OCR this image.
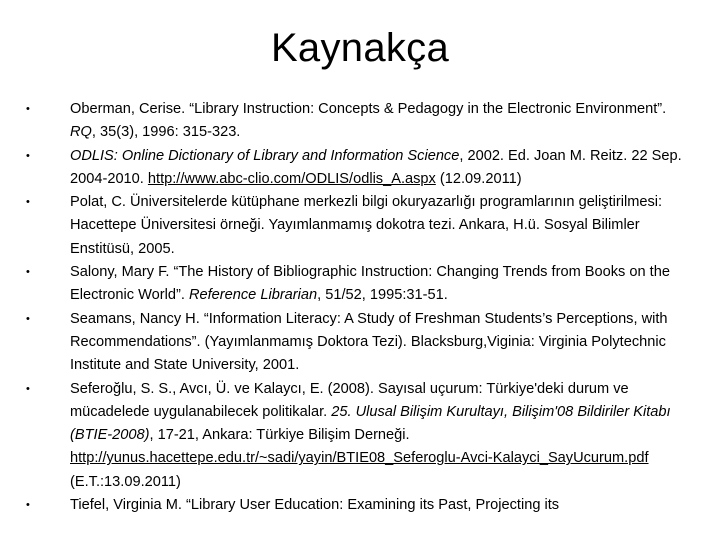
Kaynakça
•	Oberman, Cerise. “Library Instruction: Concepts & Pedagogy in the Electronic Environment”. RQ, 35(3), 1996: 315-323.
•	ODLIS: Online Dictionary of Library and Information Science, 2002. Ed. Joan M. Reitz. 22 Sep. 2004-2010. http://www.abc-clio.com/ODLIS/odlis_A.aspx (12.09.2011)
•	Polat, C. Üniversitelerde kütüphane merkezli bilgi okuryazarlığı programlarının geliştirilmesi: Hacettepe Üniversitesi örneği. Yayımlanmamış dokotra tezi. Ankara, H.ü. Sosyal Bilimler Enstitüsü, 2005.
•	Salony, Mary F. “The History of Bibliographic Instruction: Changing Trends from Books on the Electronic World”. Reference Librarian, 51/52, 1995:31-51.
•	Seamans, Nancy H. “Information Literacy: A Study of Freshman Students’s Perceptions, with Recommendations”. (Yayımlanmamış Doktora Tezi). Blacksburg,Viginia: Virginia Polytechnic Institute and State University, 2001.
•	Seferoğlu, S. S., Avcı, Ü. ve Kalaycı, E. (2008). Sayısal uçurum: Türkiye'deki durum ve mücadelede uygulanabilecek politikalar. 25. Ulusal Bilişim Kurultayı, Bilişim'08 Bildiriler Kitabı (BTIE-2008), 17-21, Ankara: Türkiye Bilişim Derneği. http://yunus.hacettepe.edu.tr/~sadi/yayin/BTIE08_Seferoglu-Avci-Kalayci_SayUcurum.pdf (E.T.:13.09.2011)
•	Tiefel, Virginia M. “Library User Education: Examining its Past, Projecting its
